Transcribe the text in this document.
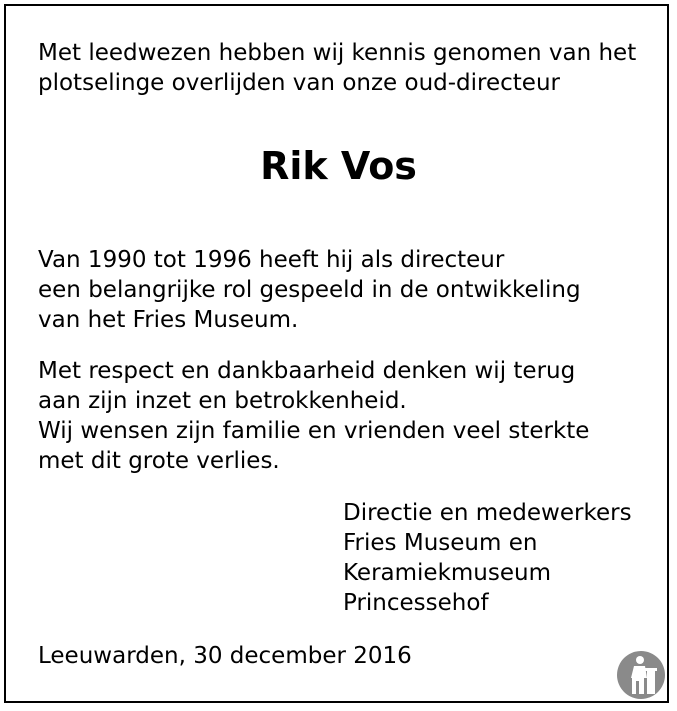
Met leedwezen hebben wij kennis genomen van het
plotselinge overlijden van onze oud-directeur
Rik Vos
Van 1990 tot 1996 heeft hij als directeur
een belangrijke rol gespeeld in de ontwikkeling
van het Fries Museum.
Met respect en dankbaarheid denken wij terug
aan zijn inzet en betrokkenheid.
Wij wensen zijn familie en vrienden veel sterkte
met dit grote verlies.
Directie en medewerkers
Fries Museum en
Keramiekmuseum
Princessehof
Leeuwarden, 30 december 2016
